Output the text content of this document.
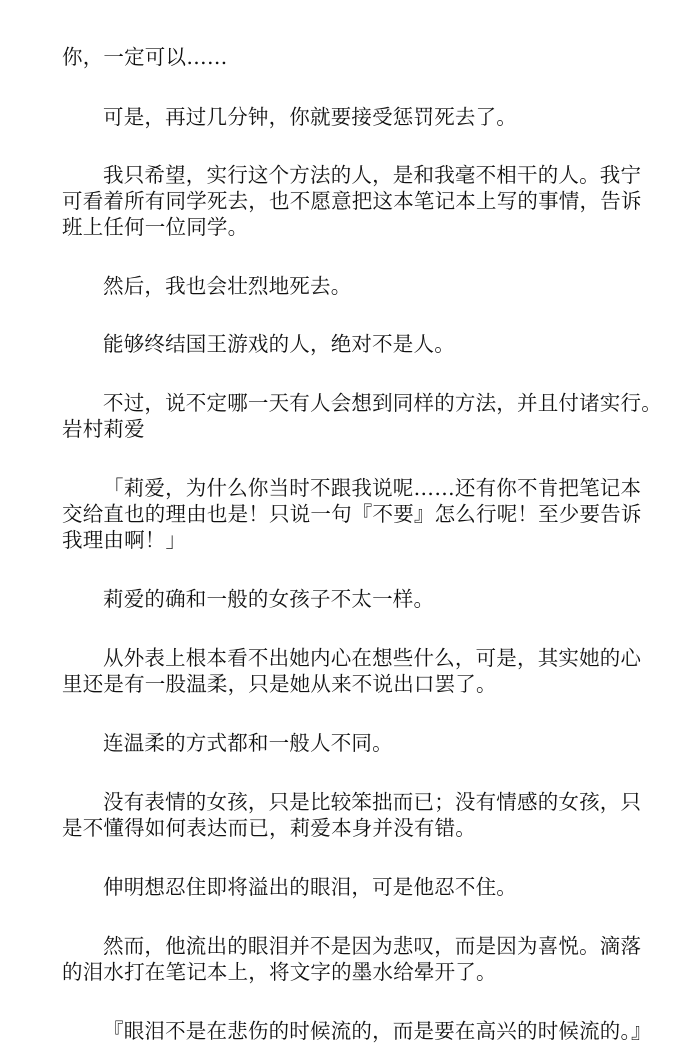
你，一定可以……

可是，再过几分钟，你就要接受惩罚死去了。

我只希望，实行这个方法的人，是和我毫不相干的人。我宁可看着所有同学死去，也不愿意把这本笔记本上写的事情，告诉班上任何一位同学。

然后，我也会壮烈地死去。

能够终结国王游戏的人，绝对不是人。

不过，说不定哪一天有人会想到同样的方法，并且付诸实行。　　岩村莉爱

「莉爱，为什么你当时不跟我说呢……还有你不肯把笔记本交给直也的理由也是！只说一句『不要』怎么行呢！至少要告诉我理由啊！」

莉爱的确和一般的女孩子不太一样。

从外表上根本看不出她内心在想些什么，可是，其实她的心里还是有一股温柔，只是她从来不说出口罢了。

连温柔的方式都和一般人不同。

没有表情的女孩，只是比较笨拙而已；没有情感的女孩，只是不懂得如何表达而已，莉爱本身并没有错。

伸明想忍住即将溢出的眼泪，可是他忍不住。

然而，他流出的眼泪并不是因为悲叹，而是因为喜悦。滴落的泪水打在笔记本上，将文字的墨水给晕开了。

『眼泪不是在悲伤的时候流的，而是要在高兴的时候流的。』
